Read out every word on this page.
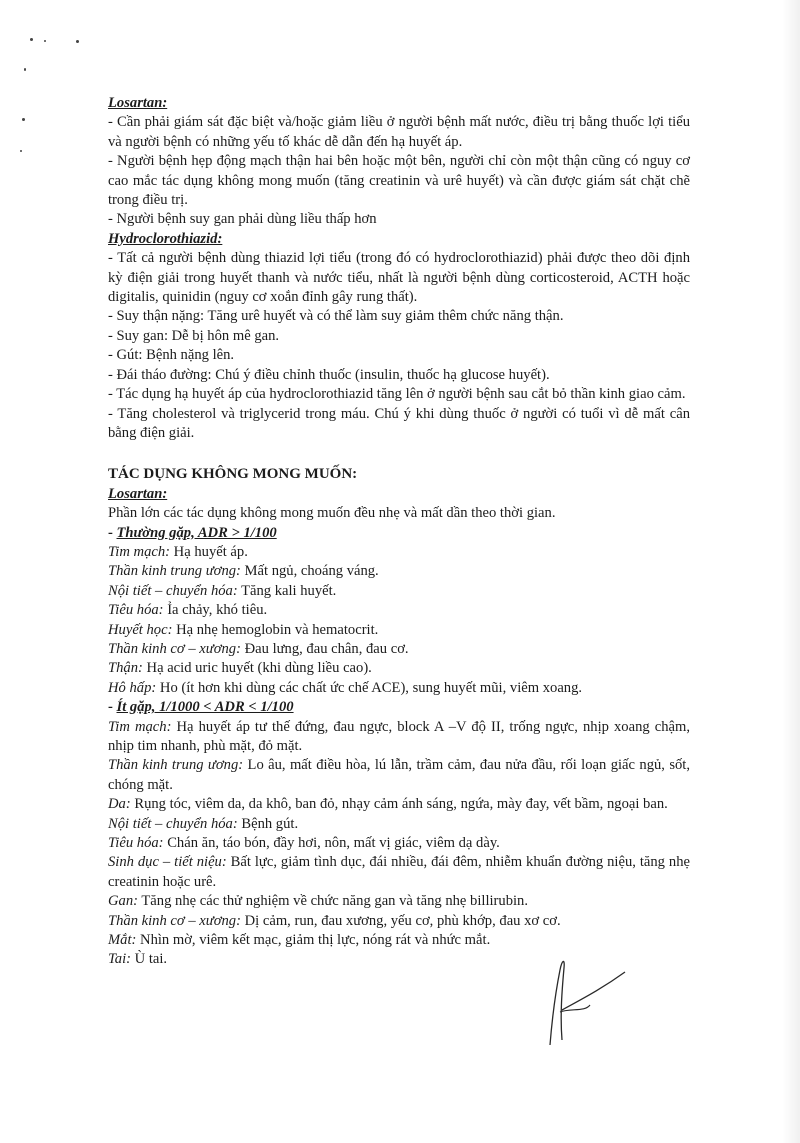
Losartan:

- Cần phải giám sát đặc biệt và/hoặc giảm liều ở người bệnh mất nước, điều trị bằng thuốc lợi tiểu và người bệnh có những yếu tố khác dễ dẫn đến hạ huyết áp.

- Người bệnh hẹp động mạch thận hai bên hoặc một bên, người chỉ còn một thận cũng có nguy cơ cao mắc tác dụng không mong muốn (tăng creatinin và urê huyết) và cần được giám sát chặt chẽ trong điều trị.

- Người bệnh suy gan phải dùng liều thấp hơn

Hydroclorothiazid:

- Tất cả người bệnh dùng thiazid lợi tiểu (trong đó có hydroclorothiazid) phải được theo dõi định kỳ điện giải trong huyết thanh và nước tiểu, nhất là người bệnh dùng corticosteroid, ACTH hoặc digitalis, quinidin (nguy cơ xoắn đỉnh gây rung thất).

- Suy thận nặng: Tăng urê huyết và có thể làm suy giảm thêm chức năng thận.

- Suy gan: Dễ bị hôn mê gan.

- Gút: Bệnh nặng lên.

- Đái tháo đường: Chú ý điều chỉnh thuốc (insulin, thuốc hạ glucose huyết).

- Tác dụng hạ huyết áp của hydroclorothiazid tăng lên ở người bệnh sau cắt bỏ thần kinh giao cảm.

- Tăng cholesterol và triglycerid trong máu. Chú ý khi dùng thuốc ở người có tuổi vì dễ mất cân bằng điện giải.

TÁC DỤNG KHÔNG MONG MUỐN:

Losartan:

Phần lớn các tác dụng không mong muốn đều nhẹ và mất dần theo thời gian.

- Thường gặp, ADR > 1/100

Tim mạch: Hạ huyết áp.

Thần kinh trung ương: Mất ngủ, choáng váng.

Nội tiết – chuyển hóa: Tăng kali huyết.

Tiêu hóa: Ỉa chảy, khó tiêu.

Huyết học: Hạ nhẹ hemoglobin và hematocrit.

Thần kinh cơ – xương: Đau lưng, đau chân, đau cơ.

Thận: Hạ acid uric huyết (khi dùng liều cao).

Hô hấp: Ho (ít hơn khi dùng các chất ức chế ACE), sung huyết mũi, viêm xoang.

- Ít gặp, 1/1000 < ADR < 1/100

Tim mạch: Hạ huyết áp tư thế đứng, đau ngực, block A –V độ II, trống ngực, nhịp xoang chậm, nhịp tim nhanh, phù mặt, đỏ mặt.

Thần kinh trung ương: Lo âu, mất điều hòa, lú lẫn, trầm cảm, đau nửa đầu, rối loạn giấc ngủ, sốt, chóng mặt.

Da: Rụng tóc, viêm da, da khô, ban đỏ, nhạy cảm ánh sáng, ngứa, mày đay, vết bầm, ngoại ban.

Nội tiết – chuyển hóa: Bệnh gút.

Tiêu hóa: Chán ăn, táo bón, đầy hơi, nôn, mất vị giác, viêm dạ dày.

Sinh dục – tiết niệu: Bất lực, giảm tình dục, đái nhiều, đái đêm, nhiễm khuẩn đường niệu, tăng nhẹ creatinin hoặc urê.

Gan: Tăng nhẹ các thử nghiệm về chức năng gan và tăng nhẹ billirubin.

Thần kinh cơ – xương: Dị cảm, run, đau xương, yếu cơ, phù khớp, đau xơ cơ.

Mắt: Nhìn mờ, viêm kết mạc, giảm thị lực, nóng rát và nhức mắt.

Tai: Ù tai.
